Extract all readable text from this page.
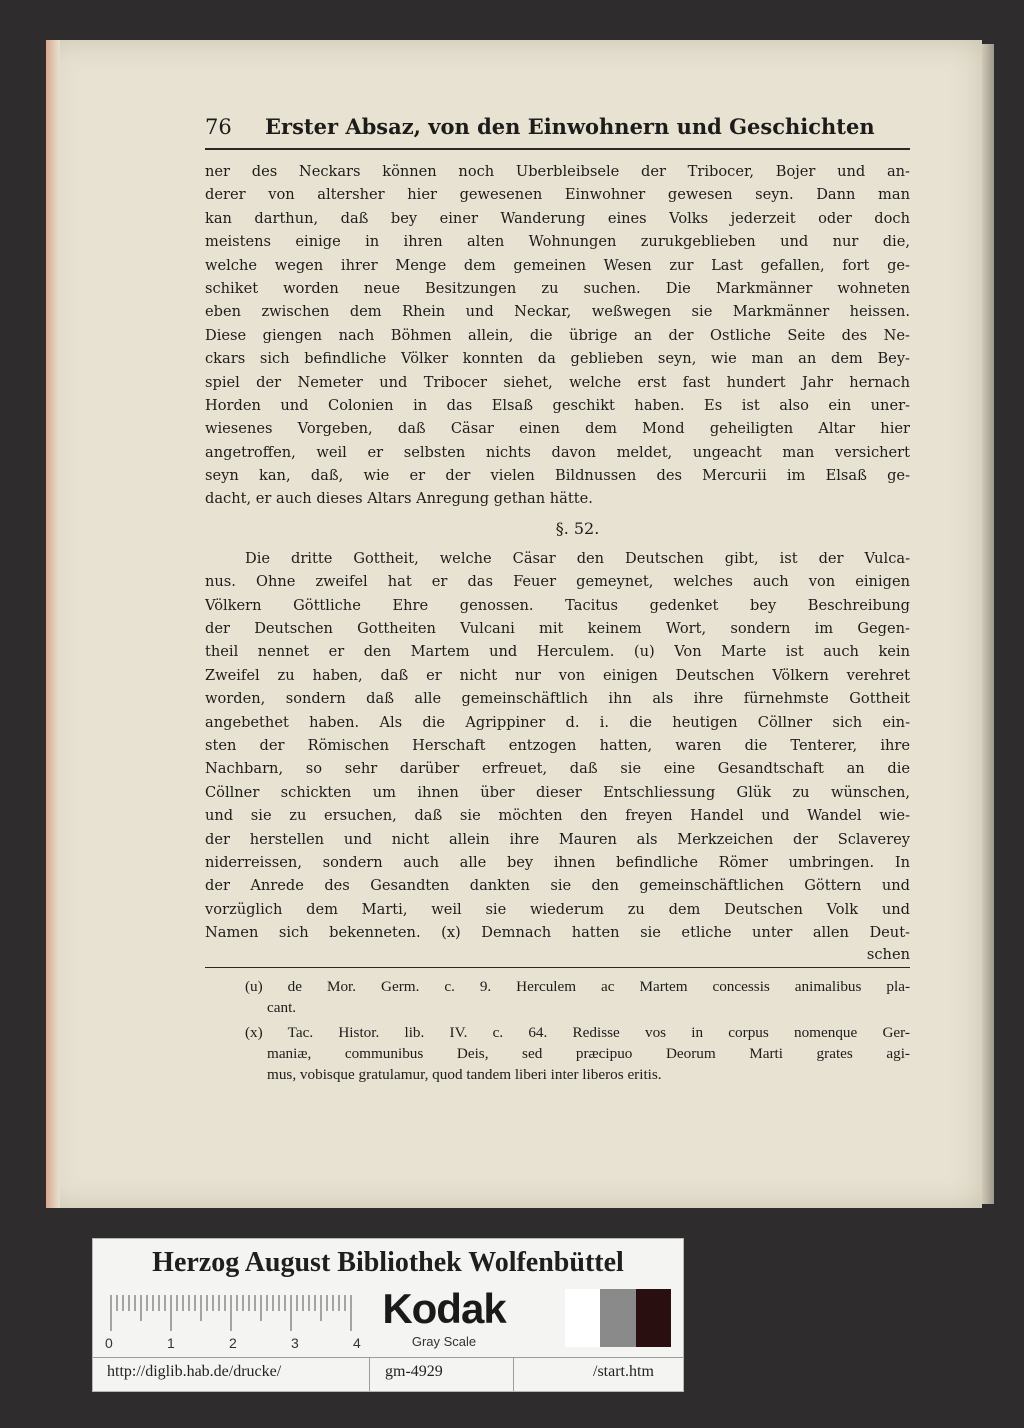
76	Erster Absaz, von den Einwohnern und Geschichten
ner des Neckars können noch Uberbleibsele der Tribocer, Bojer und an-
derer von altersher hier gewesenen Einwohner gewesen seyn. Dann man
kan darthun, daß bey einer Wanderung eines Volks jederzeit oder doch
meistens einige in ihren alten Wohnungen zurukgeblieben und nur die,
welche wegen ihrer Menge dem gemeinen Wesen zur Last gefallen, fort ge-
schiket worden neue Besitzungen zu suchen. Die Markmänner wohneten
eben zwischen dem Rhein und Neckar, weßwegen sie Markmänner heissen.
Diese giengen nach Böhmen allein, die übrige an der Ostliche Seite des Ne-
ckars sich befindliche Völker konnten da geblieben seyn, wie man an dem Bey-
spiel der Nemeter und Tribocer siehet, welche erst fast hundert Jahr hernach
Horden und Colonien in das Elsaß geschikt haben. Es ist also ein uner-
wiesenes Vorgeben, daß Cäsar einen dem Mond geheiligten Altar hier
angetroffen, weil er selbsten nichts davon meldet, ungeacht man versichert
seyn kan, daß, wie er der vielen Bildnussen des Mercurii im Elsaß ge-
dacht, er auch dieses Altars Anregung gethan hätte.
§. 52.
Die dritte Gottheit, welche Cäsar den Deutschen gibt, ist der Vulca-
nus. Ohne zweifel hat er das Feuer gemeynet, welches auch von einigen
Völkern Göttliche Ehre genossen. Tacitus gedenket bey Beschreibung
der Deutschen Gottheiten Vulcani mit keinem Wort, sondern im Gegen-
theil nennet er den Martem und Herculem. (u) Von Marte ist auch kein
Zweifel zu haben, daß er nicht nur von einigen Deutschen Völkern verehret
worden, sondern daß alle gemeinschäftlich ihn als ihre fürnehmste Gottheit
angebethet haben. Als die Agrippiner d. i. die heutigen Cöllner sich ein-
sten der Römischen Herschaft entzogen hatten, waren die Tenterer, ihre
Nachbarn, so sehr darüber erfreuet, daß sie eine Gesandtschaft an die
Cöllner schickten um ihnen über dieser Entschliessung Glük zu wünschen,
und sie zu ersuchen, daß sie möchten den freyen Handel und Wandel wie-
der herstellen und nicht allein ihre Mauren als Merkzeichen der Sclaverey
niderreissen, sondern auch alle bey ihnen befindliche Römer umbringen. In
der Anrede des Gesandten dankten sie den gemeinschäftlichen Göttern und
vorzüglich dem Marti, weil sie wiederum zu dem Deutschen Volk und
Namen sich bekenneten. (x) Demnach hatten sie etliche unter allen Deut-
schen
(u) de Mor. Germ. c. 9. Herculem ac Martem concessis animalibus pla-
cant.
(x) Tac. Histor. lib. IV. c. 64. Redisse vos in corpus nomenque Ger-
maniæ, communibus Deis, sed præcipuo Deorum Marti grates agi-
mus, vobisque gratulamur, quod tandem liberi inter liberos eritis.
Herzog August Bibliothek Wolfenbüttel
0	1	2	3	4
Kodak
Gray Scale
http://diglib.hab.de/drucke/	gm-4929	/start.htm
